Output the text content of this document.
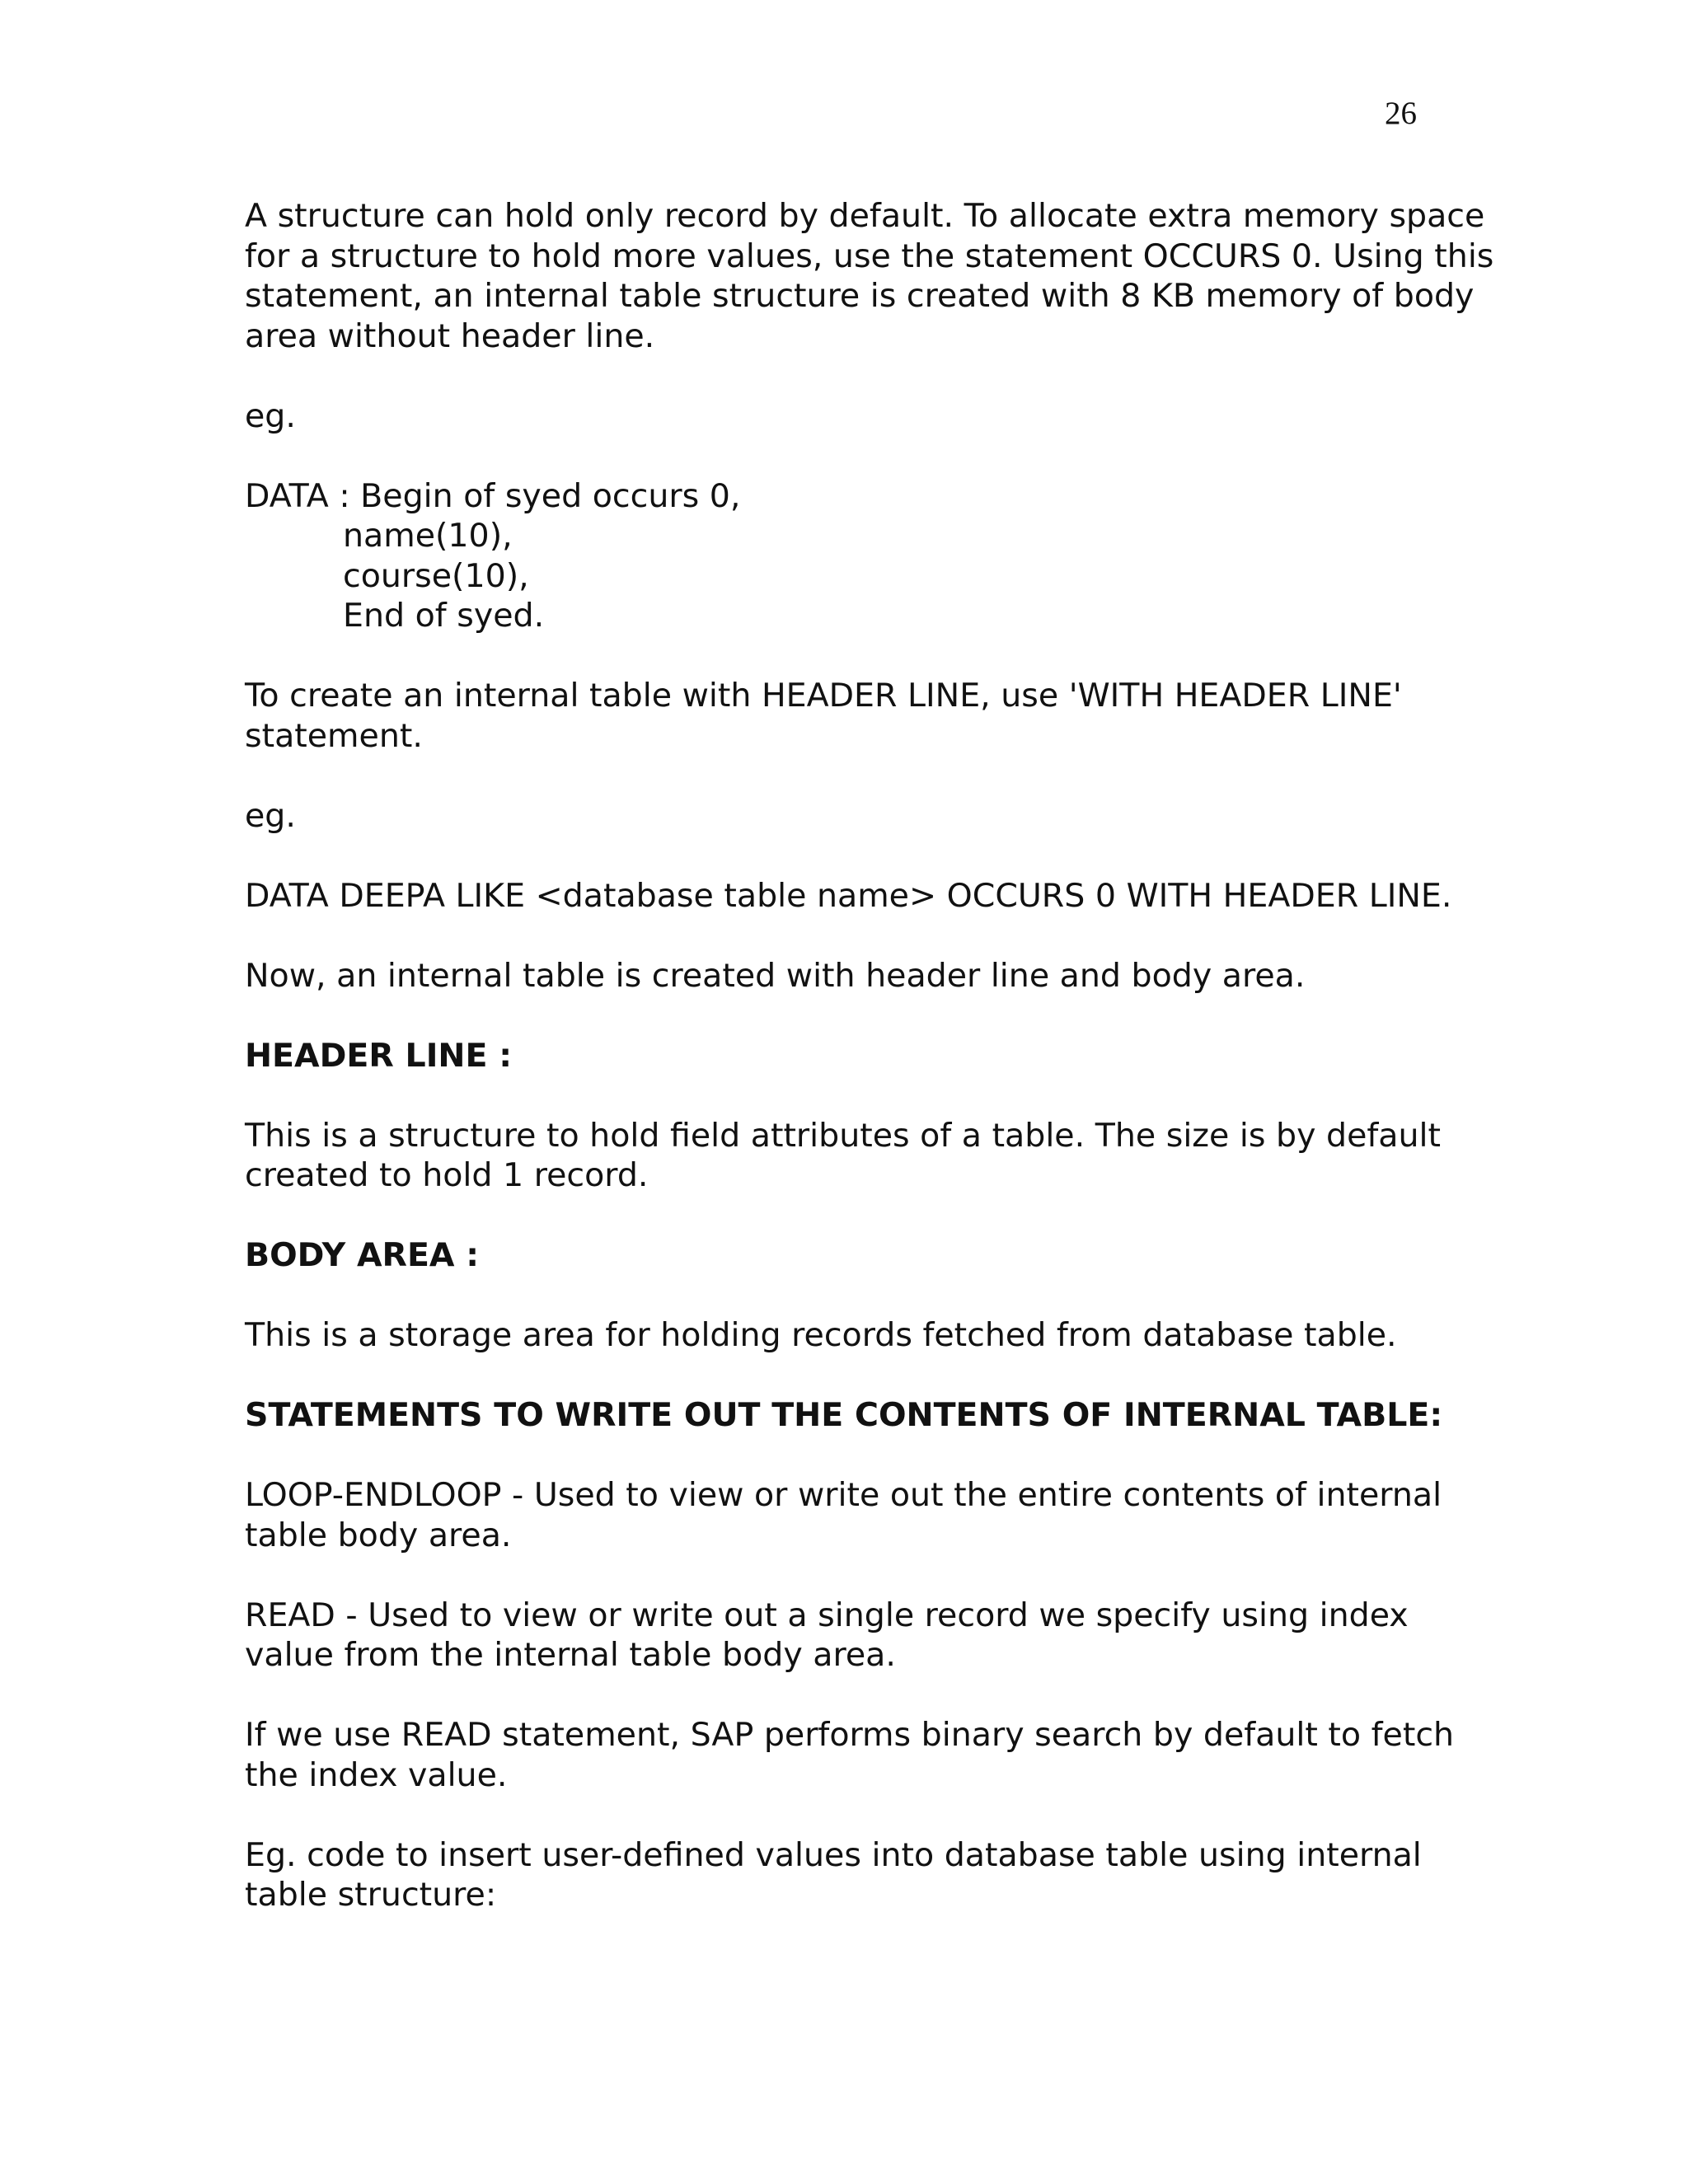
26

A structure can hold only record by default. To allocate extra memory space
for a structure to hold more values, use the statement OCCURS 0. Using this
statement, an internal table structure is created with 8 KB memory of body
area without header line.

eg.

DATA : Begin of syed occurs 0,
name(10),
course(10),
End of syed.

To create an internal table with HEADER LINE, use 'WITH HEADER LINE'
statement.

eg.

DATA DEEPA LIKE <database table name> OCCURS 0 WITH HEADER LINE.

Now, an internal table is created with header line and body area.

HEADER LINE :

This is a structure to hold field attributes of a table. The size is by default
created to hold 1 record.

BODY AREA :

This is a storage area for holding records fetched from database table.

STATEMENTS TO WRITE OUT THE CONTENTS OF INTERNAL TABLE:

LOOP-ENDLOOP - Used to view or write out the entire contents of internal
table body area.

READ - Used to view or write out a single record we specify using index
value from the internal table body area.

If we use READ statement, SAP performs binary search by default to fetch
the index value.

Eg. code to insert user-defined values into database table using internal
table structure:
